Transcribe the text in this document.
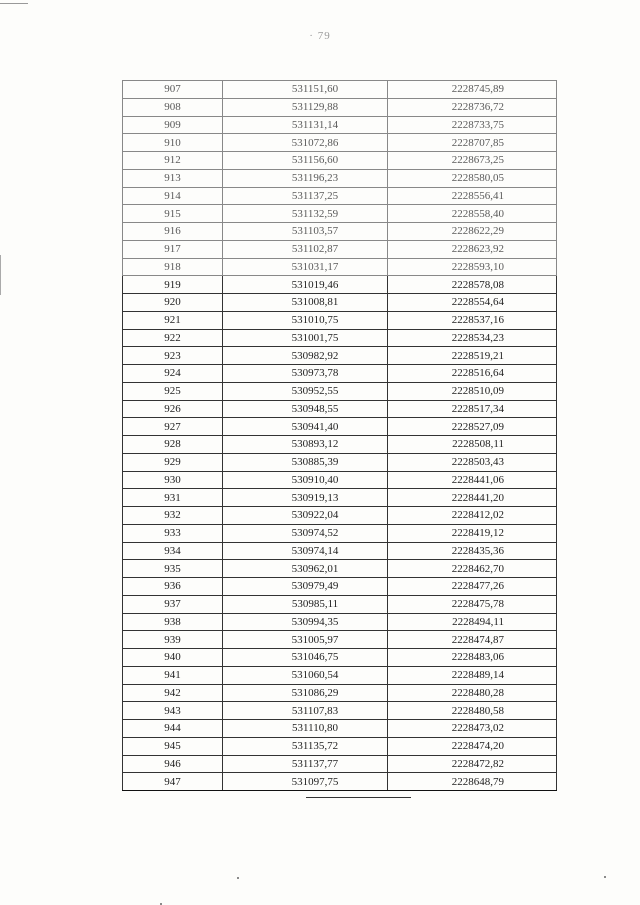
· 79
907	531151,60	2228745,89
908	531129,88	2228736,72
909	531131,14	2228733,75
910	531072,86	2228707,85
912	531156,60	2228673,25
913	531196,23	2228580,05
914	531137,25	2228556,41
915	531132,59	2228558,40
916	531103,57	2228622,29
917	531102,87	2228623,92
918	531031,17	2228593,10
919	531019,46	2228578,08
920	531008,81	2228554,64
921	531010,75	2228537,16
922	531001,75	2228534,23
923	530982,92	2228519,21
924	530973,78	2228516,64
925	530952,55	2228510,09
926	530948,55	2228517,34
927	530941,40	2228527,09
928	530893,12	2228508,11
929	530885,39	2228503,43
930	530910,40	2228441,06
931	530919,13	2228441,20
932	530922,04	2228412,02
933	530974,52	2228419,12
934	530974,14	2228435,36
935	530962,01	2228462,70
936	530979,49	2228477,26
937	530985,11	2228475,78
938	530994,35	2228494,11
939	531005,97	2228474,87
940	531046,75	2228483,06
941	531060,54	2228489,14
942	531086,29	2228480,28
943	531107,83	2228480,58
944	531110,80	2228473,02
945	531135,72	2228474,20
946	531137,77	2228472,82
947	531097,75	2228648,79
